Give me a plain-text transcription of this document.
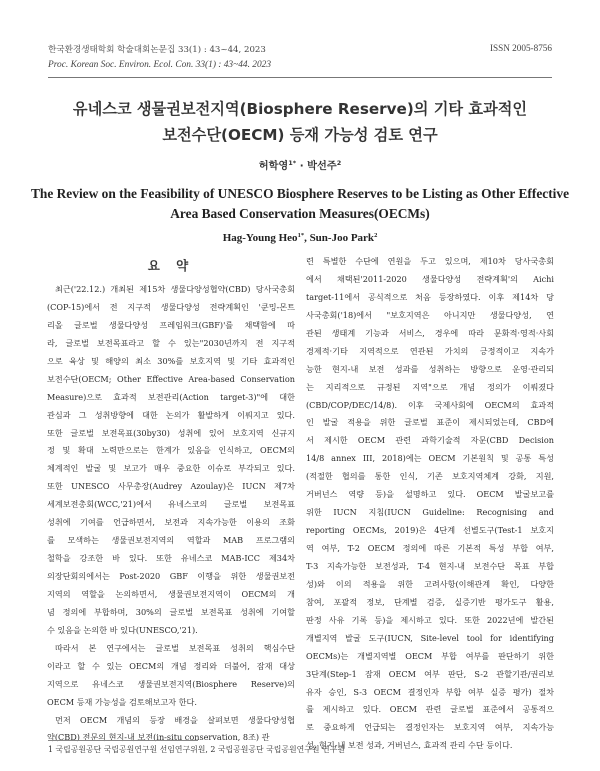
한국환경생태학회 학술대회논문집 33(1) : 43~44, 2023
Proc. Korean Soc. Environ. Ecol. Con. 33(1) : 43~44. 2023
ISSN 2005-8756
유네스코 생물권보전지역(Biosphere Reserve)의 기타 효과적인
보전수단(OECM) 등재 가능성 검토 연구
허학영$^{1*}$ · 박선주$^2$
The Review on the Feasibility of UNESCO Biosphere Reserves to be Listing as Other Effective
Area Based Conservation Measures(OECMs)
Hag-Young Heo$^{1*}$, Sun-Joo Park$^2$
요 약
최근('22.12.) 개최된 제15차 생물다양성협약(CBD) 당사국총회
(COP-15)에서 전 지구적 생물다양성 전략계획인 '쿤밍-몬트
리올 글로벌 생물다양성 프레임워크(GBF)'를 채택함에 따
라, 글로벌 보전목표라고 할 수 있는"2030년까지 전 지구적
으로 육상 및 해양의 최소 30%를 보호지역 및 기타 효과적인
보전수단(OECM; Other Effective Area-based Conservation
Measure)으로 효과적 보전관리(Action target-3)"에 대한
관심과 그 성취방향에 대한 논의가 활발하게 이뤄지고 있다.
또한 글로벌 보전목표(30by30) 성취에 있어 보호지역 신규지
정 및 확대 노력만으로는 한계가 있음을 인식하고, OECM의
체계적인 발굴 및 보고가 매우 중요한 이슈로 부각되고 있다.
또한 UNESCO 사무총장(Audrey Azoulay)은 IUCN 제7차
세계보전총회(WCC,'21)에서 유네스코의 글로벌 보전목표
성취에 기여를 언급하면서, 보전과 지속가능한 이용의 조화
를 모색하는 생물권보전지역의 역할과 MAB 프로그램의
철학을 강조한 바 있다. 또한 유네스코 MAB-ICC 제34차
의장단회의에서는 Post-2020 GBF 이행을 위한 생물권보전
지역의 역할을 논의하면서, 생물권보전지역이 OECM의 개
념 정의에 부합하며, 30%의 글로벌 보전목표 성취에 기여할
수 있음을 논의한 바 있다(UNESCO,'21).
따라서 본 연구에서는 글로벌 보전목표 성취의 핵심수단
이라고 할 수 있는 OECM의 개념 정리와 더불어, 잠재 대상
지역으로 유네스코 생물권보전지역(Biosphere Reserve)의
OECM 등재 가능성을 검토해보고자 한다.
먼저 OECM 개념의 등장 배경을 살펴보면 생물다양성협
약(CBD) 전문의 현지-내 보전(in-situ conservation, 8조) 관
련 특별한 수단에 연원을 두고 있으며, 제10차 당사국총회
에서 채택된'2011-2020 생물다양성 전략계획'의 Aichi
target-11에서 공식적으로 처음 등장하였다. 이후 제14차 당
사국총회('18)에서 "보호지역은 아니지만 생물다양성, 연
관된 생태계 기능과 서비스, 경우에 따라 문화적·영적·사회
경제적·기타 지역적으로 연관된 가치의 긍정적이고 지속가
능한 현지-내 보전 성과를 성취하는 방향으로 운영·관리되
는 지리적으로 규정된 지역"으로 개념 정의가 이뤄졌다
(CBD/COP/DEC/14/8). 이후 국제사회에 OECM의 효과적
인 발굴 적용을 위한 글로벌 표준이 제시되었는데, CBD에
서 제시한 OECM 관련 과학기술적 자문(CBD Decision
14/8 annex III, 2018)에는 OECM 기본원칙 및 공통 특성
(적절한 협의를 통한 인식, 기존 보호지역체계 강화, 지원,
거버넌스 역량 등)을 설명하고 있다. OECM 발굴보고를
위한 IUCN 지침(IUCN Guideline: Recognising and
reporting OECMs, 2019)은 4단계 선별도구(Test-1 보호지
역 여부, T-2 OECM 정의에 따른 기본적 특성 부합 여부,
T-3 지속가능한 보전성과, T-4 현지-내 보전수단 목표 부합
성)와 이의 적용을 위한 고려사항(이해관계 확인, 다양한
참여, 포괄적 정보, 단계별 검증, 실증기반 평가도구 활용,
판정 사유 기록 등)을 제시하고 있다. 또한 2022년에 발간된
개별지역 발굴 도구(IUCN, Site-level tool for identifying
OECMs)는 개별지역별 OECM 부합 여부를 판단하기 위한
3단계(Step-1 잠재 OECM 여부 판단, S-2 관할기관/권리보
유자 승인, S-3 OECM 결정인자 부합 여부 실증 평가) 절차
를 제시하고 있다. OECM 관련 글로벌 표준에서 공통적으
로 중요하게 언급되는 결정인자는 보호지역 여부, 지속가능
성, 현지-내 보전 성과, 거버넌스, 효과적 관리 수단 등이다.
1 국립공원공단 국립공원연구원 선임연구위원, 2 국립공원공단 국립공원연구원 연구원
